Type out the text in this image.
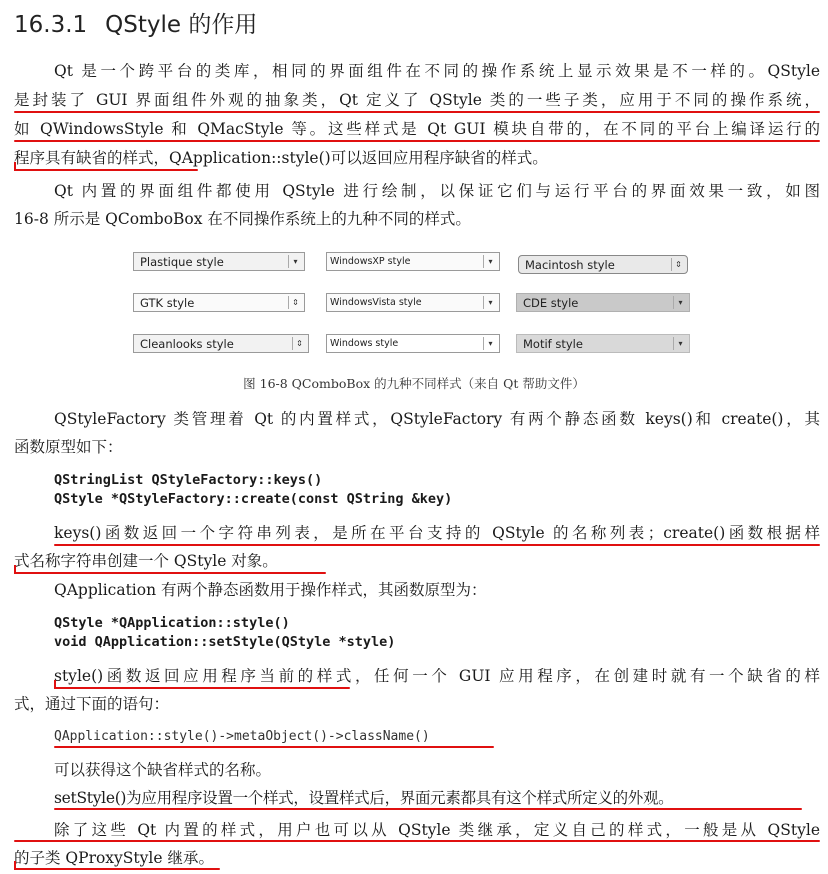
16.3.1 QStyle 的作用
Qt 是一个跨平台的类库，相同的界面组件在不同的操作系统上显示效果是不一样的。QStyle
是封装了 GUI 界面组件外观的抽象类，Qt 定义了 QStyle 类的一些子类，应用于不同的操作系统，
如 QWindowsStyle 和 QMacStyle 等。这些样式是 Qt GUI 模块自带的，在不同的平台上编译运行的
程序具有缺省的样式，QApplication::style()可以返回应用程序缺省的样式。
Qt 内置的界面组件都使用 QStyle 进行绘制，以保证它们与运行平台的界面效果一致，如图
16-8 所示是 QComboBox 在不同操作系统上的九种不同的样式。
Plastique style	▾	WindowsXP style	▾	Macintosh style	⇕
GTK style	⇕	WindowsVista style	▾	CDE style	▾
Cleanlooks style	⇕	Windows style	▾	Motif style	▾
图 16-8 QComboBox 的九种不同样式（来自 Qt 帮助文件）
QStyleFactory 类管理着 Qt 的内置样式，QStyleFactory 有两个静态函数 keys()和 create()，其
函数原型如下：
QStringList QStyleFactory::keys()
QStyle *QStyleFactory::create(const QString &key)
keys()函数返回一个字符串列表，是所在平台支持的 QStyle 的名称列表；create()函数根据样
式名称字符串创建一个 QStyle 对象。
QApplication 有两个静态函数用于操作样式，其函数原型为：
QStyle *QApplication::style()
void QApplication::setStyle(QStyle *style)
style()函数返回应用程序当前的样式，任何一个 GUI 应用程序，在创建时就有一个缺省的样
式，通过下面的语句：
QApplication::style()->metaObject()->className()
可以获得这个缺省样式的名称。
setStyle()为应用程序设置一个样式，设置样式后，界面元素都具有这个样式所定义的外观。
除了这些 Qt 内置的样式，用户也可以从 QStyle 类继承，定义自己的样式，一般是从 QStyle
的子类 QProxyStyle 继承。
